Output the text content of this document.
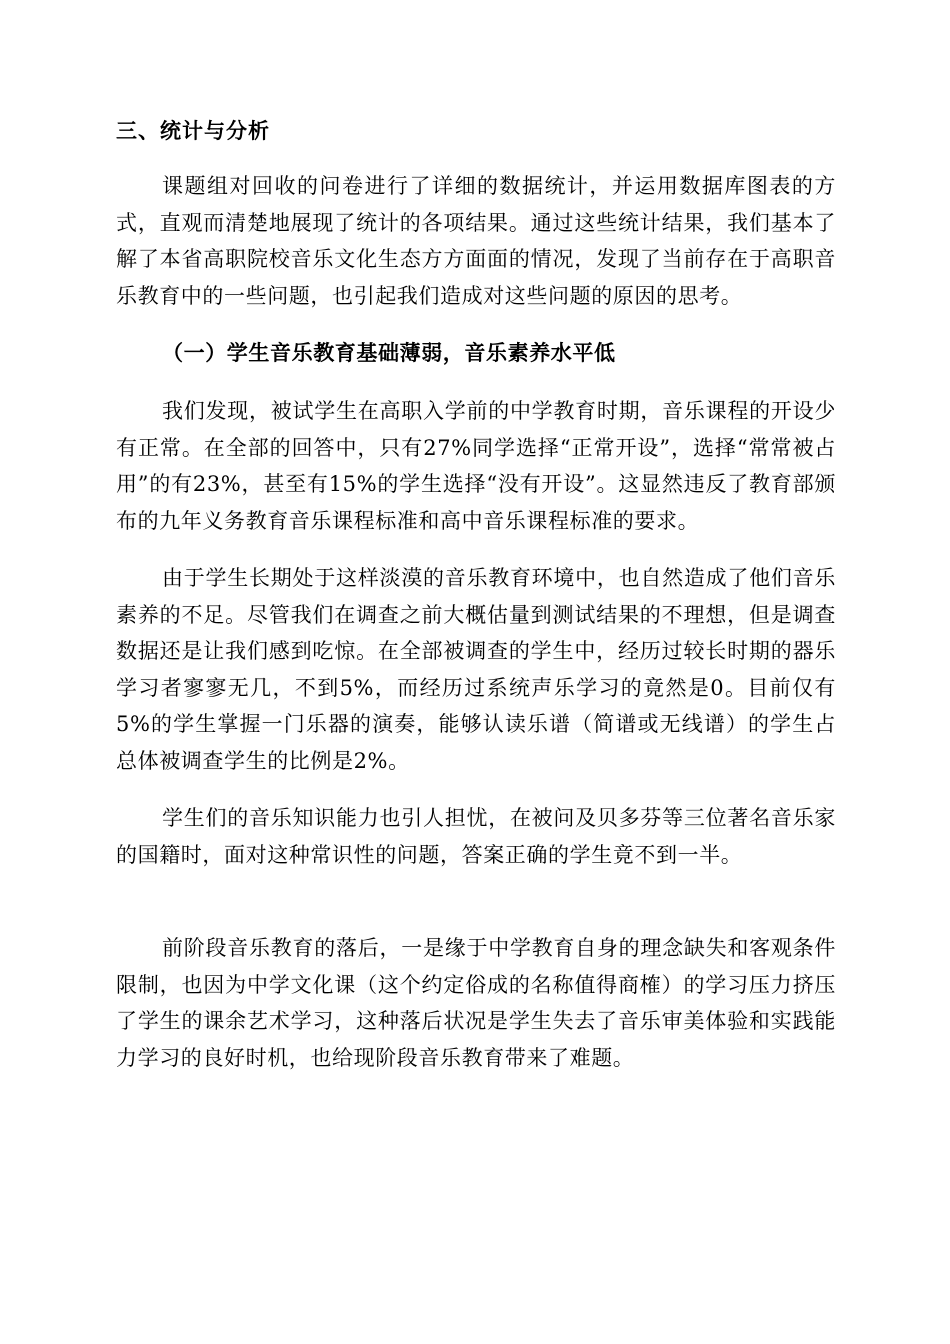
三、统计与分析

课题组对回收的问卷进行了详细的数据统计，并运用数据库图表的方式，直观而清楚地展现了统计的各项结果。通过这些统计结果，我们基本了解了本省高职院校音乐文化生态方方面面的情况，发现了当前存在于高职音乐教育中的一些问题，也引起我们造成对这些问题的原因的思考。

（一）学生音乐教育基础薄弱，音乐素养水平低

我们发现，被试学生在高职入学前的中学教育时期，音乐课程的开设少有正常。在全部的回答中，只有27%同学选择“正常开设”，选择“常常被占用”的有23%，甚至有15%的学生选择“没有开设”。这显然违反了教育部颁布的九年义务教育音乐课程标准和高中音乐课程标准的要求。

由于学生长期处于这样淡漠的音乐教育环境中，也自然造成了他们音乐素养的不足。尽管我们在调查之前大概估量到测试结果的不理想，但是调查数据还是让我们感到吃惊。在全部被调查的学生中，经历过较长时期的器乐学习者寥寥无几，不到5%，而经历过系统声乐学习的竟然是0。目前仅有5%的学生掌握一门乐器的演奏，能够认读乐谱（简谱或无线谱）的学生占总体被调查学生的比例是2%。

学生们的音乐知识能力也引人担忧，在被问及贝多芬等三位著名音乐家的国籍时，面对这种常识性的问题，答案正确的学生竟不到一半。

前阶段音乐教育的落后，一是缘于中学教育自身的理念缺失和客观条件限制，也因为中学文化课（这个约定俗成的名称值得商榷）的学习压力挤压了学生的课余艺术学习，这种落后状况是学生失去了音乐审美体验和实践能力学习的良好时机，也给现阶段音乐教育带来了难题。
